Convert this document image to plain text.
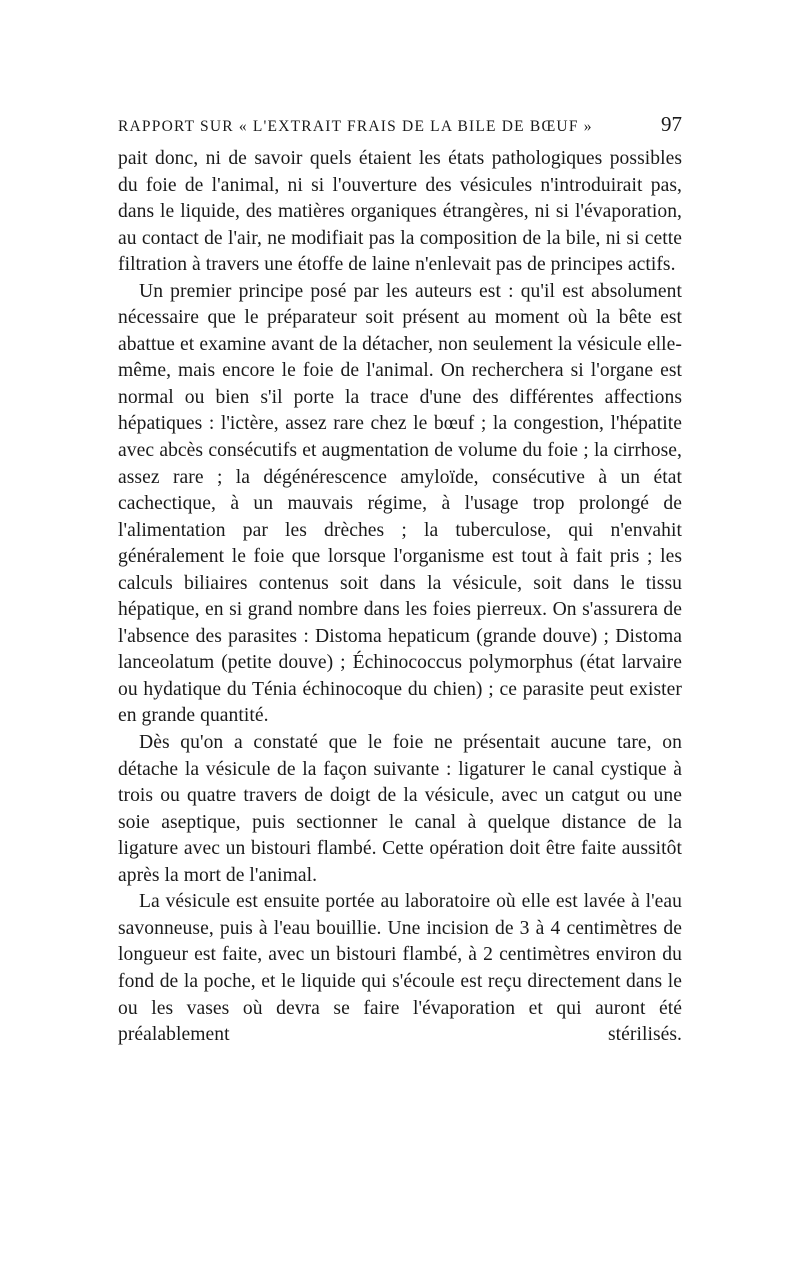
RAPPORT SUR « L'EXTRAIT FRAIS DE LA BILE DE BŒUF »	97

pait donc, ni de savoir quels étaient les états pathologiques possibles du foie de l'animal, ni si l'ouverture des vésicules n'introduirait pas, dans le liquide, des matières organiques étrangères, ni si l'évaporation, au contact de l'air, ne modifiait pas la composition de la bile, ni si cette filtration à travers une étoffe de laine n'enlevait pas de principes actifs.

Un premier principe posé par les auteurs est : qu'il est absolument nécessaire que le préparateur soit présent au moment où la bête est abattue et examine avant de la détacher, non seulement la vésicule elle-même, mais encore le foie de l'animal. On recherchera si l'organe est normal ou bien s'il porte la trace d'une des différentes affections hépatiques : l'ictère, assez rare chez le bœuf ; la congestion, l'hépatite avec abcès consécutifs et augmentation de volume du foie ; la cirrhose, assez rare ; la dégénérescence amyloïde, consécutive à un état cachectique, à un mauvais régime, à l'usage trop prolongé de l'alimentation par les drèches ; la tuberculose, qui n'envahit généralement le foie que lorsque l'organisme est tout à fait pris ; les calculs biliaires contenus soit dans la vésicule, soit dans le tissu hépatique, en si grand nombre dans les foies pierreux. On s'assurera de l'absence des parasites : Distoma hepaticum (grande douve) ; Distoma lanceolatum (petite douve) ; Échinococcus polymorphus (état larvaire ou hydatique du Ténia échinocoque du chien) ; ce parasite peut exister en grande quantité.

Dès qu'on a constaté que le foie ne présentait aucune tare, on détache la vésicule de la façon suivante : ligaturer le canal cystique à trois ou quatre travers de doigt de la vésicule, avec un catgut ou une soie aseptique, puis sectionner le canal à quelque distance de la ligature avec un bistouri flambé. Cette opération doit être faite aussitôt après la mort de l'animal.

La vésicule est ensuite portée au laboratoire où elle est lavée à l'eau savonneuse, puis à l'eau bouillie. Une incision de 3 à 4 centimètres de longueur est faite, avec un bistouri flambé, à 2 centimètres environ du fond de la poche, et le liquide qui s'écoule est reçu directement dans le ou les vases où devra se faire l'évaporation et qui auront été préalablement stérilisés.
